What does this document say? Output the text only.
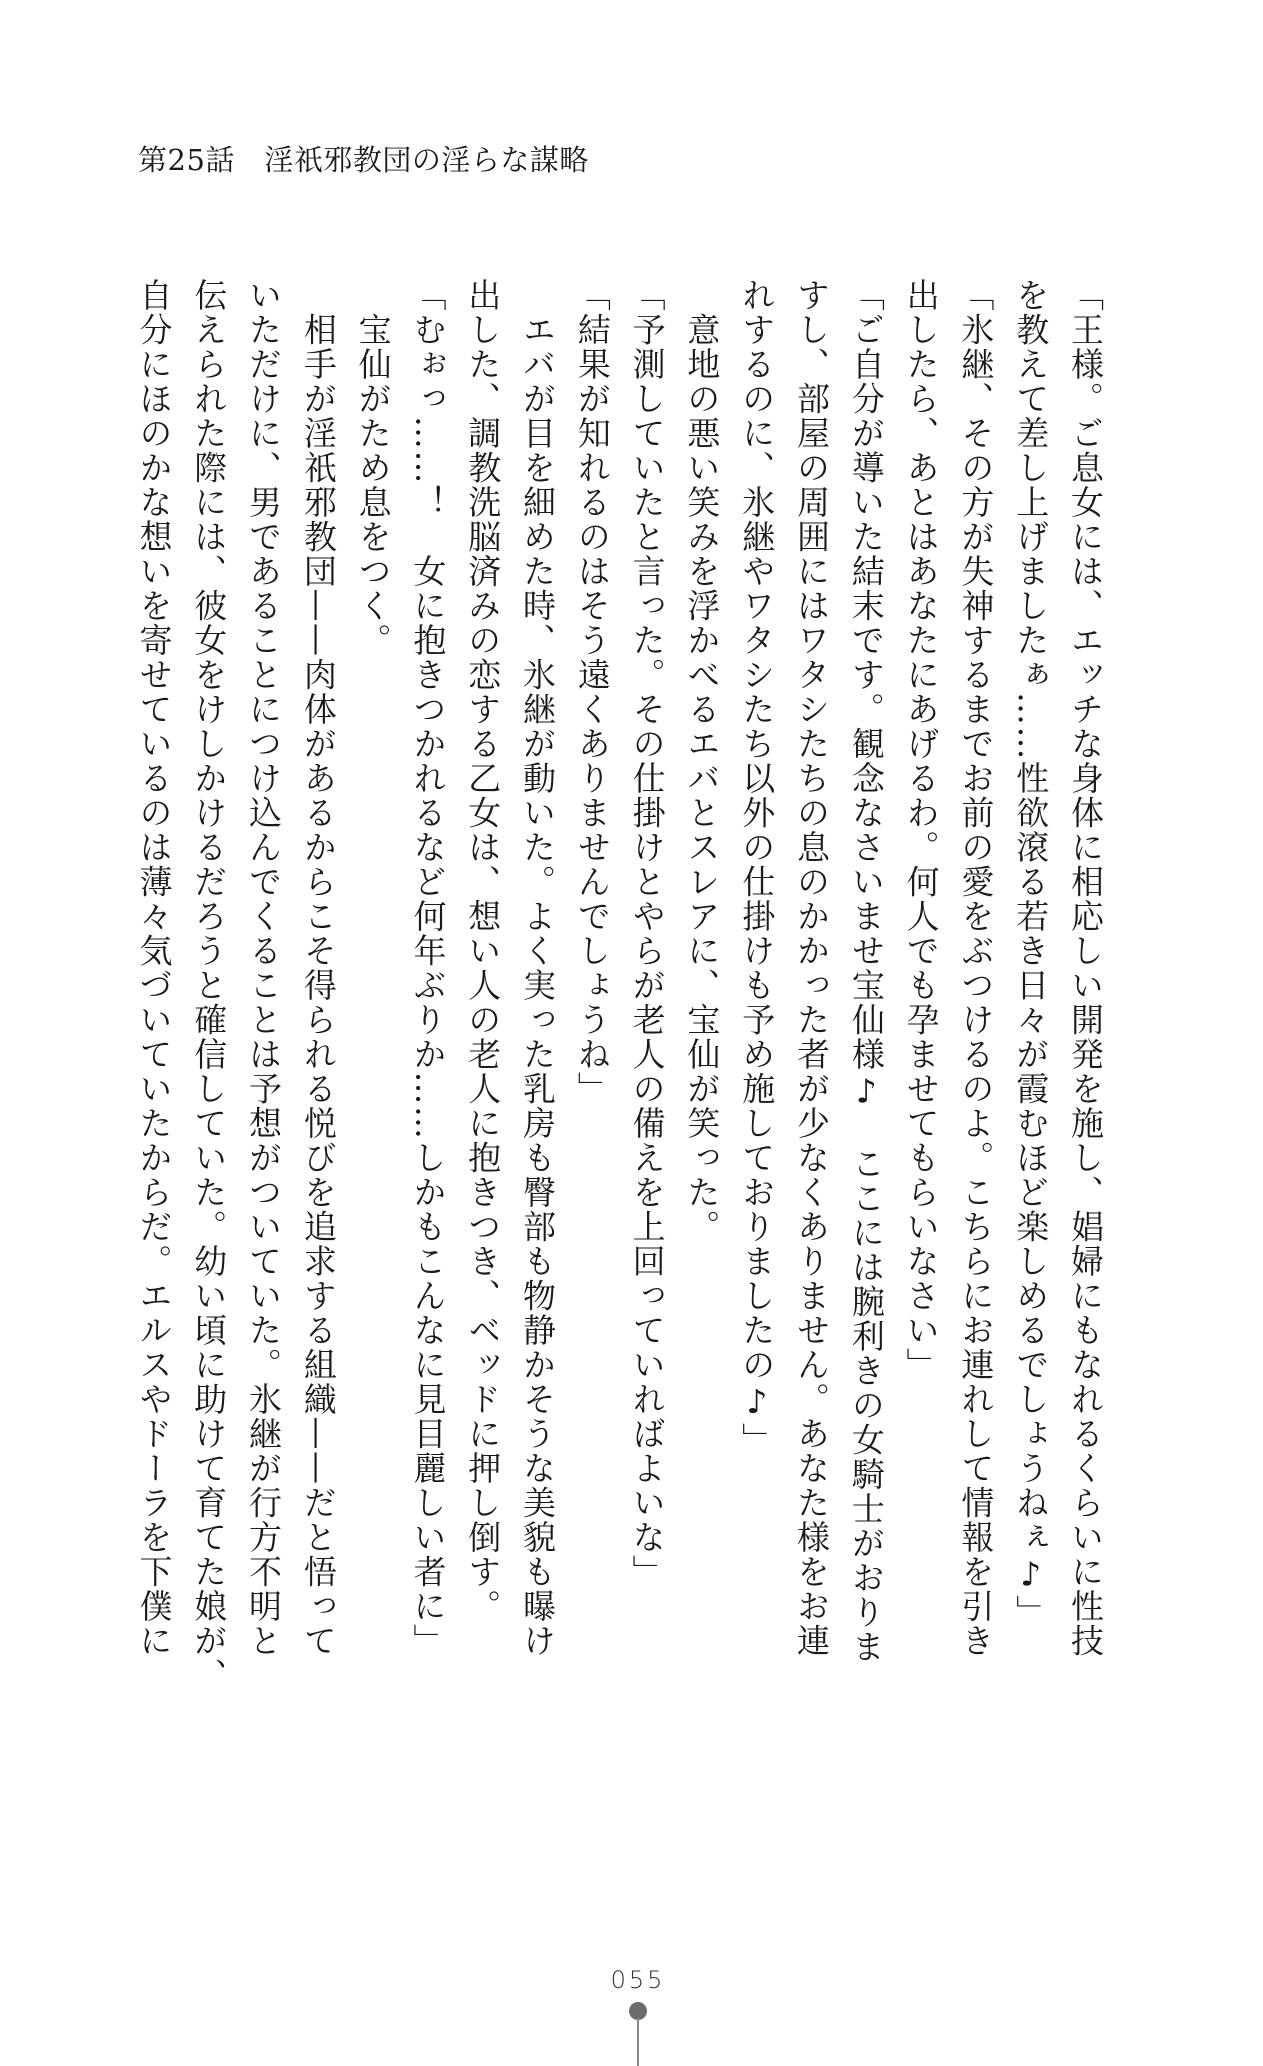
第25話　淫祇邪教団の淫らな謀略

「王様。ご息女には、エッチな身体に相応しい開発を施し、娼婦にもなれるくらいに性技

を教えて差し上げましたぁ……性欲滾る若き日々が霞むほど楽しめるでしょうねぇ♪」

「氷継、その方が失神するまでお前の愛をぶつけるのよ。こちらにお連れして情報を引き

出したら、あとはあなたにあげるわ。何人でも孕ませてもらいなさい」

「ご自分が導いた結末です。観念なさいませ宝仙様♪　ここには腕利きの女騎士がおりま

すし、部屋の周囲にはワタシたちの息のかかった者が少なくありません。あなた様をお連

れするのに、氷継やワタシたち以外の仕掛けも予め施しておりましたの♪」

　意地の悪い笑みを浮かべるエバとスレアに、宝仙が笑った。

「予測していたと言った。その仕掛けとやらが老人の備えを上回っていればよいな」

「結果が知れるのはそう遠くありませんでしょうね」

　エバが目を細めた時、氷継が動いた。よく実った乳房も臀部も物静かそうな美貌も曝け

出した、調教洗脳済みの恋する乙女は、想い人の老人に抱きつき、ベッドに押し倒す。

「むぉっ……！　女に抱きつかれるなど何年ぶりか……しかもこんなに見目麗しい者に」

　宝仙がため息をつく。

　相手が淫祇邪教団——肉体があるからこそ得られる悦びを追求する組織——だと悟って

いただけに、男であることにつけ込んでくることは予想がついていた。氷継が行方不明と

伝えられた際には、彼女をけしかけるだろうと確信していた。幼い頃に助けて育てた娘が、

自分にほのかな想いを寄せているのは薄々気づいていたからだ。エルスやドーラを下僕に

055
